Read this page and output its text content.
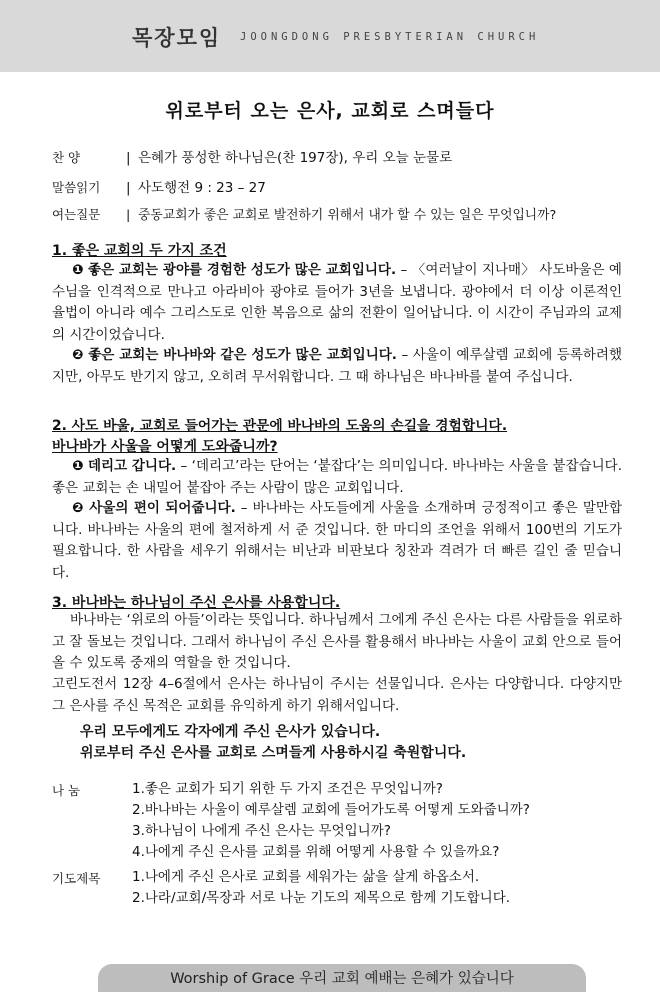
목장모임 JOONGDONG PRESBYTERIAN CHURCH
위로부터 오는 은사, 교회로 스며들다
찬 양	| 은혜가 풍성한 하나님은(찬 197장), 우리 오늘 눈물로
말씀읽기 | 사도행전 9 : 23 – 27
여는질문 | 중동교회가 좋은 교회로 발전하기 위해서 내가 할 수 있는 일은 무엇입니까?
1. 좋은 교회의 두 가지 조건

❶ 좋은 교회는 광야를 경험한 성도가 많은 교회입니다. – 〈여러날이 지나매〉 사도바울은 예수님을 인격적으로 만나고 아라비아 광야로 들어가 3년을 보냅니다. 광야에서 더 이상 이론적인 율법이 아니라 예수 그리스도로 인한 복음으로 삶의 전환이 일어납니다. 이 시간이 주님과의 교제의 시간이었습니다.

❷ 좋은 교회는 바나바와 같은 성도가 많은 교회입니다. – 사울이 예루살렘 교회에 등록하려했지만, 아무도 반기지 않고, 오히려 무서워합니다. 그 때 하나님은 바나바를 붙여 주십니다.

2. 사도 바울, 교회로 들어가는 관문에 바나바의 도움의 손길을 경험합니다.
바나바가 사울을 어떻게 도와줍니까?

❶ 데리고 갑니다. – ‘데리고’라는 단어는 ‘붙잡다’는 의미입니다. 바나바는 사울을 붙잡습니다. 좋은 교회는 손 내밀어 붙잡아 주는 사람이 많은 교회입니다.

❷ 사울의 편이 되어줍니다. – 바나바는 사도들에게 사울을 소개하며 긍정적이고 좋은 말만합니다. 바나바는 사울의 편에 철저하게 서 준 것입니다. 한 마디의 조언을 위해서 100번의 기도가 필요합니다. 한 사람을 세우기 위해서는 비난과 비판보다 칭찬과 격려가 더 빠른 길인 줄 믿습니다.

3. 바나바는 하나님이 주신 은사를 사용합니다.

바나바는 ‘위로의 아들’이라는 뜻입니다. 하나님께서 그에게 주신 은사는 다른 사람들을 위로하고 잘 돌보는 것입니다. 그래서 하나님이 주신 은사를 활용해서 바나바는 사울이 교회 안으로 들어올 수 있도록 중재의 역할을 한 것입니다.

고린도전서 12장 4–6절에서 은사는 하나님이 주시는 선물입니다. 은사는 다양합니다. 다양지만 그 은사를 주신 목적은 교회를 유익하게 하기 위해서입니다.

우리 모두에게도 각자에게 주신 은사가 있습니다.
위로부터 주신 은사를 교회로 스며들게 사용하시길 축원합니다.
나 눔	1.좋은 교회가 되기 위한 두 가지 조건은 무엇입니까?
2.바나바는 사울이 예루살렘 교회에 들어가도록 어떻게 도와줍니까?
3.하나님이 나에게 주신 은사는 무엇입니까?
4.나에게 주신 은사를 교회를 위해 어떻게 사용할 수 있을까요?
기도제목 1.나에게 주신 은사로 교회를 세워가는 삶을 살게 하옵소서.
2.나라/교회/목장과 서로 나눈 기도의 제목으로 함께 기도합니다.
Worship of Grace 우리 교회 예배는 은혜가 있습니다
